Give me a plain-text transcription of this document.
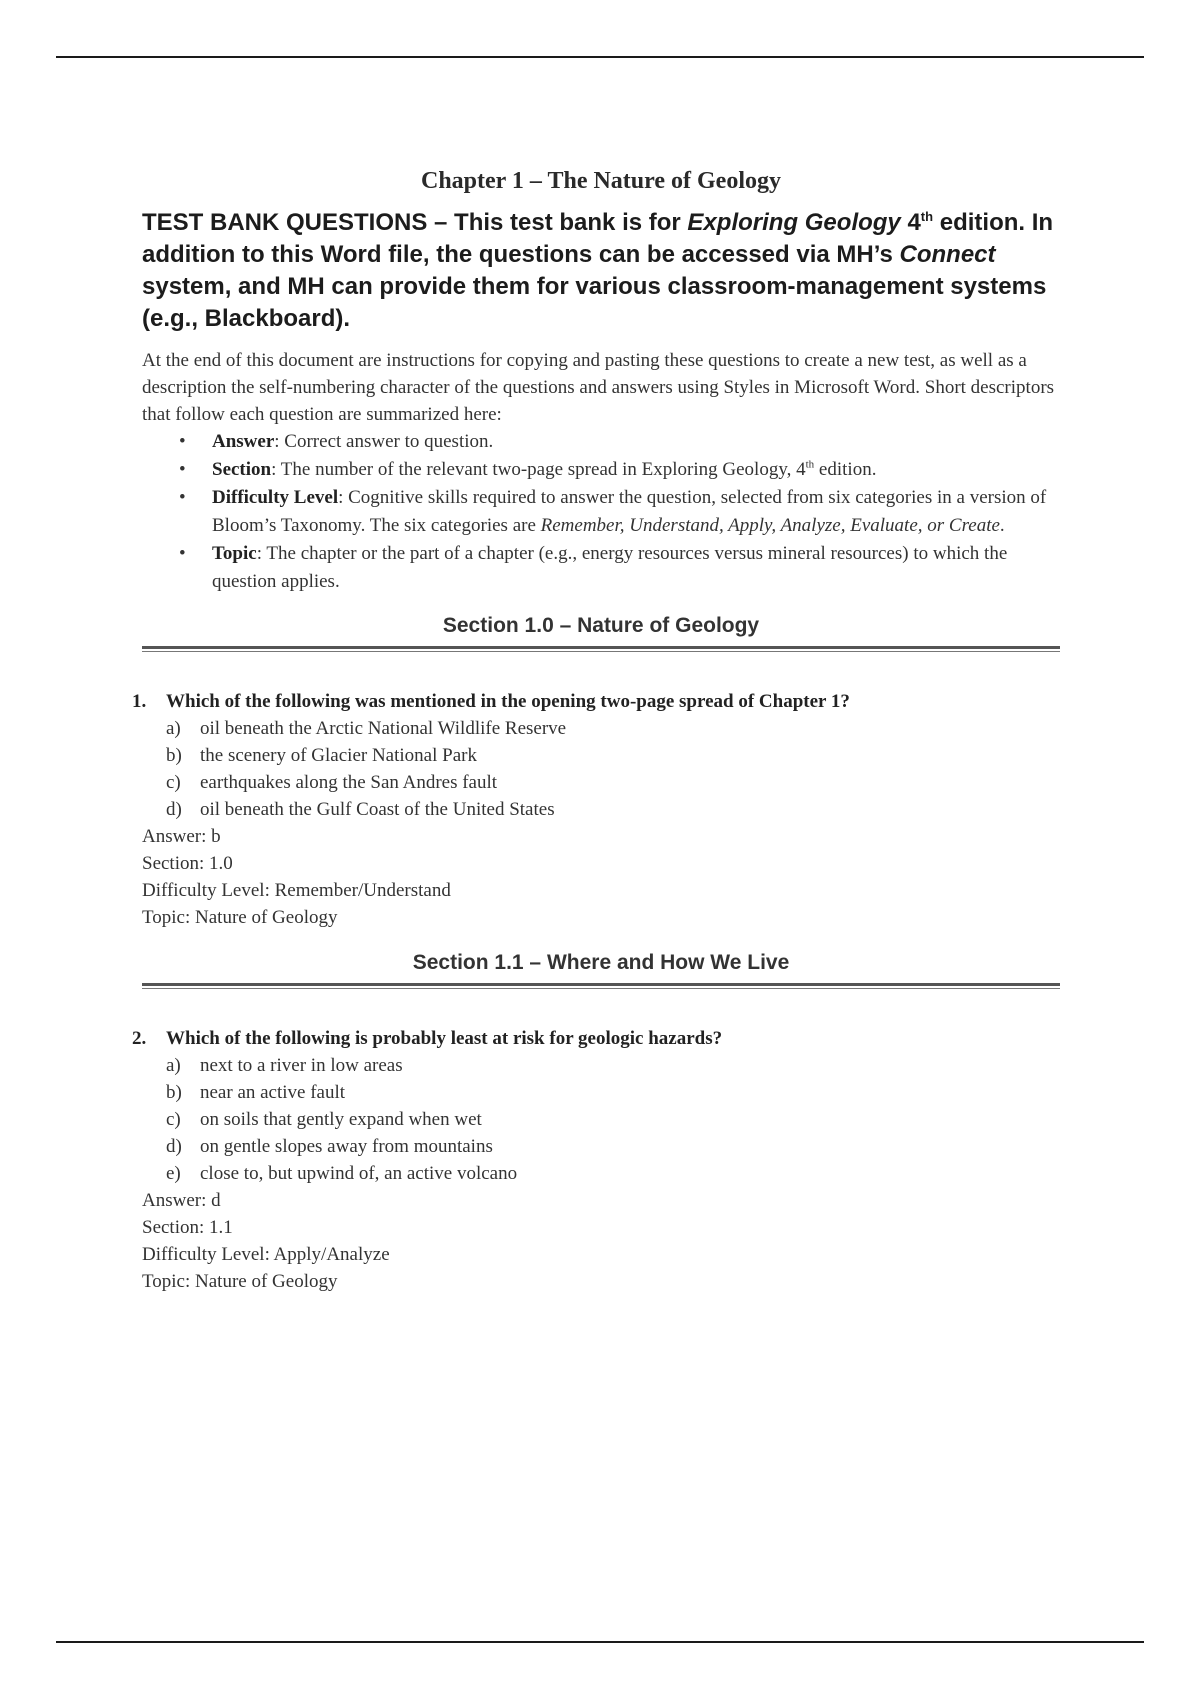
Chapter 1 – The Nature of Geology
TEST BANK QUESTIONS – This test bank is for Exploring Geology 4th edition. In addition to this Word file, the questions can be accessed via MH’s Connect system, and MH can provide them for various classroom-management systems (e.g., Blackboard).

At the end of this document are instructions for copying and pasting these questions to create a new test, as well as a description the self-numbering character of the questions and answers using Styles in Microsoft Word. Short descriptors that follow each question are summarized here:

• Answer: Correct answer to question.
• Section: The number of the relevant two-page spread in Exploring Geology, 4th edition.
• Difficulty Level: Cognitive skills required to answer the question, selected from six categories in a version of Bloom’s Taxonomy. The six categories are Remember, Understand, Apply, Analyze, Evaluate, or Create.
• Topic: The chapter or the part of a chapter (e.g., energy resources versus mineral resources) to which the question applies.
Section 1.0 – Nature of Geology
1. Which of the following was mentioned in the opening two-page spread of Chapter 1?
a) oil beneath the Arctic National Wildlife Reserve
b) the scenery of Glacier National Park
c) earthquakes along the San Andres fault
d) oil beneath the Gulf Coast of the United States
Answer: b
Section: 1.0
Difficulty Level: Remember/Understand
Topic: Nature of Geology
Section 1.1 – Where and How We Live
2. Which of the following is probably least at risk for geologic hazards?
a) next to a river in low areas
b) near an active fault
c) on soils that gently expand when wet
d) on gentle slopes away from mountains
e) close to, but upwind of, an active volcano
Answer: d
Section: 1.1
Difficulty Level: Apply/Analyze
Topic: Nature of Geology
